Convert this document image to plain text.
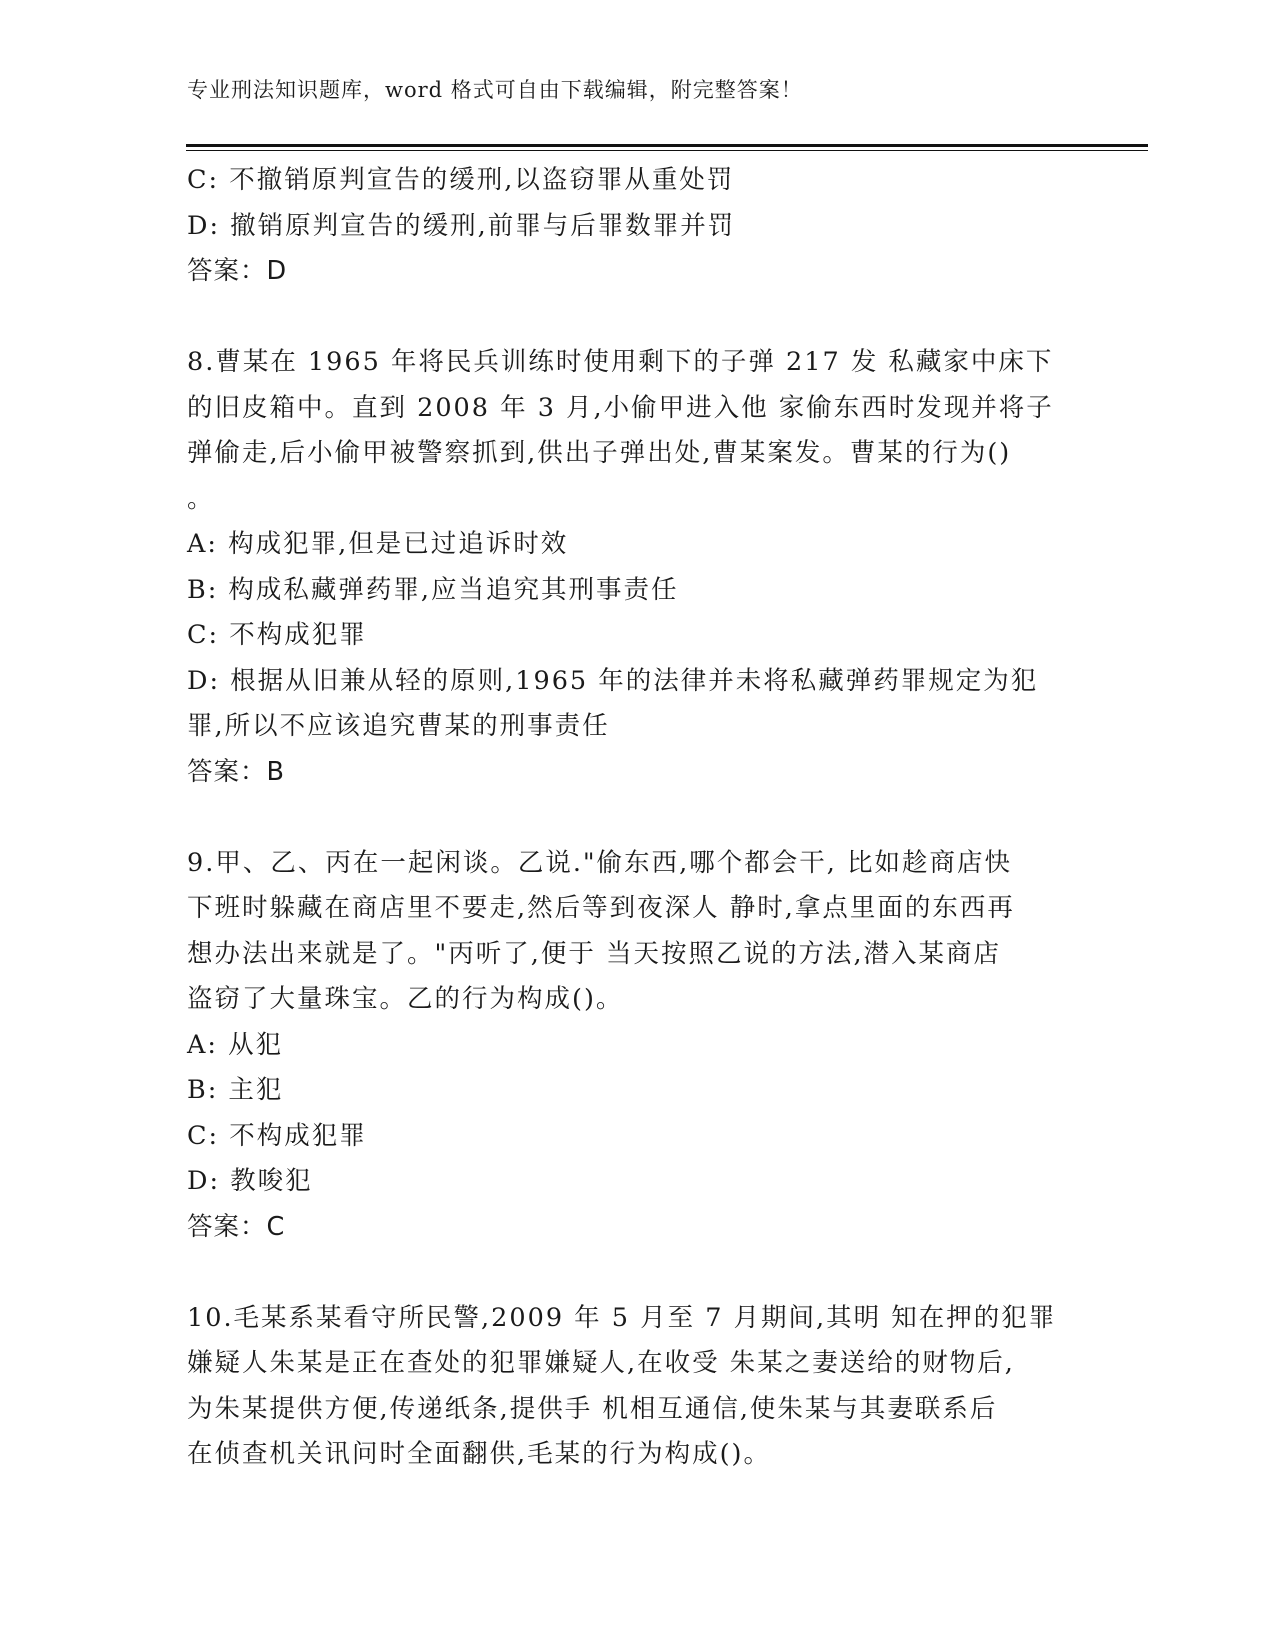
专业刑法知识题库，word 格式可自由下载编辑，附完整答案！
C: 不撤销原判宣告的缓刑,以盗窃罪从重处罚
D: 撤销原判宣告的缓刑,前罪与后罪数罪并罚
答案：D
8.曹某在 1965 年将民兵训练时使用剩下的子弹 217 发 私藏家中床下
的旧皮箱中。直到 2008 年 3 月,小偷甲进入他 家偷东西时发现并将子
弹偷走,后小偷甲被警察抓到,供出子弹出处,曹某案发。曹某的行为()
。
A: 构成犯罪,但是已过追诉时效
B: 构成私藏弹药罪,应当追究其刑事责任
C: 不构成犯罪
D: 根据从旧兼从轻的原则,1965 年的法律并未将私藏弹药罪规定为犯
罪,所以不应该追究曹某的刑事责任
答案：B
9.甲、乙、丙在一起闲谈。乙说."偷东西,哪个都会干, 比如趁商店快
下班时躲藏在商店里不要走,然后等到夜深人 静时,拿点里面的东西再
想办法出来就是了。"丙听了,便于 当天按照乙说的方法,潜入某商店
盗窃了大量珠宝。乙的行为构成()。
A: 从犯
B: 主犯
C: 不构成犯罪
D: 教唆犯
答案：C
10.毛某系某看守所民警,2009 年 5 月至 7 月期间,其明 知在押的犯罪
嫌疑人朱某是正在查处的犯罪嫌疑人,在收受 朱某之妻送给的财物后,
为朱某提供方便,传递纸条,提供手 机相互通信,使朱某与其妻联系后
在侦查机关讯问时全面翻供,毛某的行为构成()。
